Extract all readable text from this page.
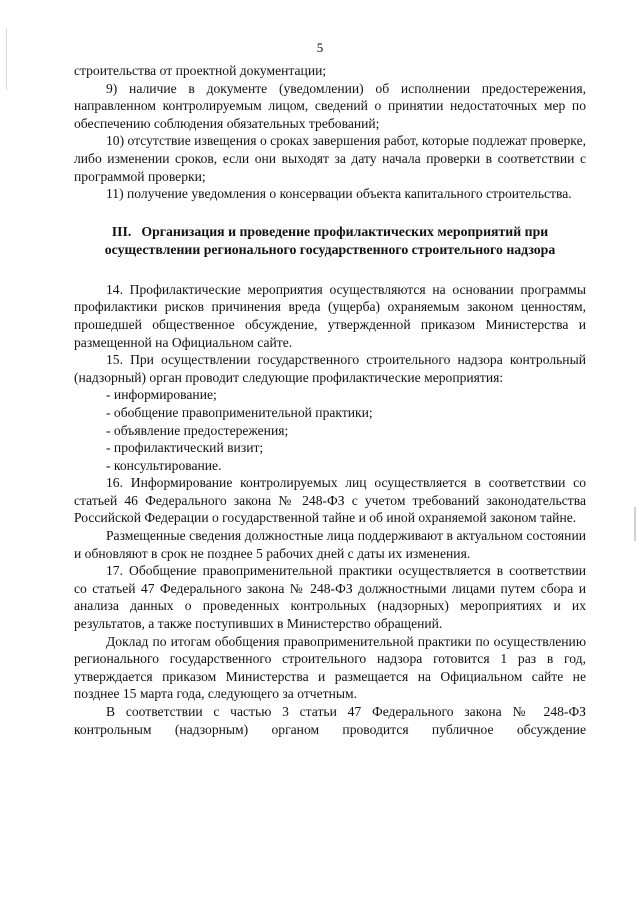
5

строительства от проектной документации;

9) наличие в документе (уведомлении) об исполнении предостережения, направленном контролируемым лицом, сведений о принятии недостаточных мер по обеспечению соблюдения обязательных требований;

10) отсутствие извещения о сроках завершения работ, которые подлежат проверке, либо изменении сроков, если они выходят за дату начала проверки в соответствии с программой проверки;

11) получение уведомления о консервации объекта капитального строительства.

III. Организация и проведение профилактических мероприятий при осуществлении регионального государственного строительного надзора

14. Профилактические мероприятия осуществляются на основании программы профилактики рисков причинения вреда (ущерба) охраняемым законом ценностям, прошедшей общественное обсуждение, утвержденной приказом Министерства и размещенной на Официальном сайте.

15. При осуществлении государственного строительного надзора контрольный (надзорный) орган проводит следующие профилактические мероприятия:

- информирование;

- обобщение правоприменительной практики;

- объявление предостережения;

- профилактический визит;

- консультирование.

16. Информирование контролируемых лиц осуществляется в соответствии со статьей 46 Федерального закона № 248-ФЗ с учетом требований законодательства Российской Федерации о государственной тайне и об иной охраняемой законом тайне.

Размещенные сведения должностные лица поддерживают в актуальном состоянии и обновляют в срок не позднее 5 рабочих дней с даты их изменения.

17. Обобщение правоприменительной практики осуществляется в соответствии со статьей 47 Федерального закона № 248-ФЗ должностными лицами путем сбора и анализа данных о проведенных контрольных (надзорных) мероприятиях и их результатов, а также поступивших в Министерство обращений.

Доклад по итогам обобщения правоприменительной практики по осуществлению регионального государственного строительного надзора готовится 1 раз в год, утверждается приказом Министерства и размещается на Официальном сайте не позднее 15 марта года, следующего за отчетным.

В соответствии с частью 3 статьи 47 Федерального закона № 248-ФЗ контрольным (надзорным) органом проводится публичное обсуждение
